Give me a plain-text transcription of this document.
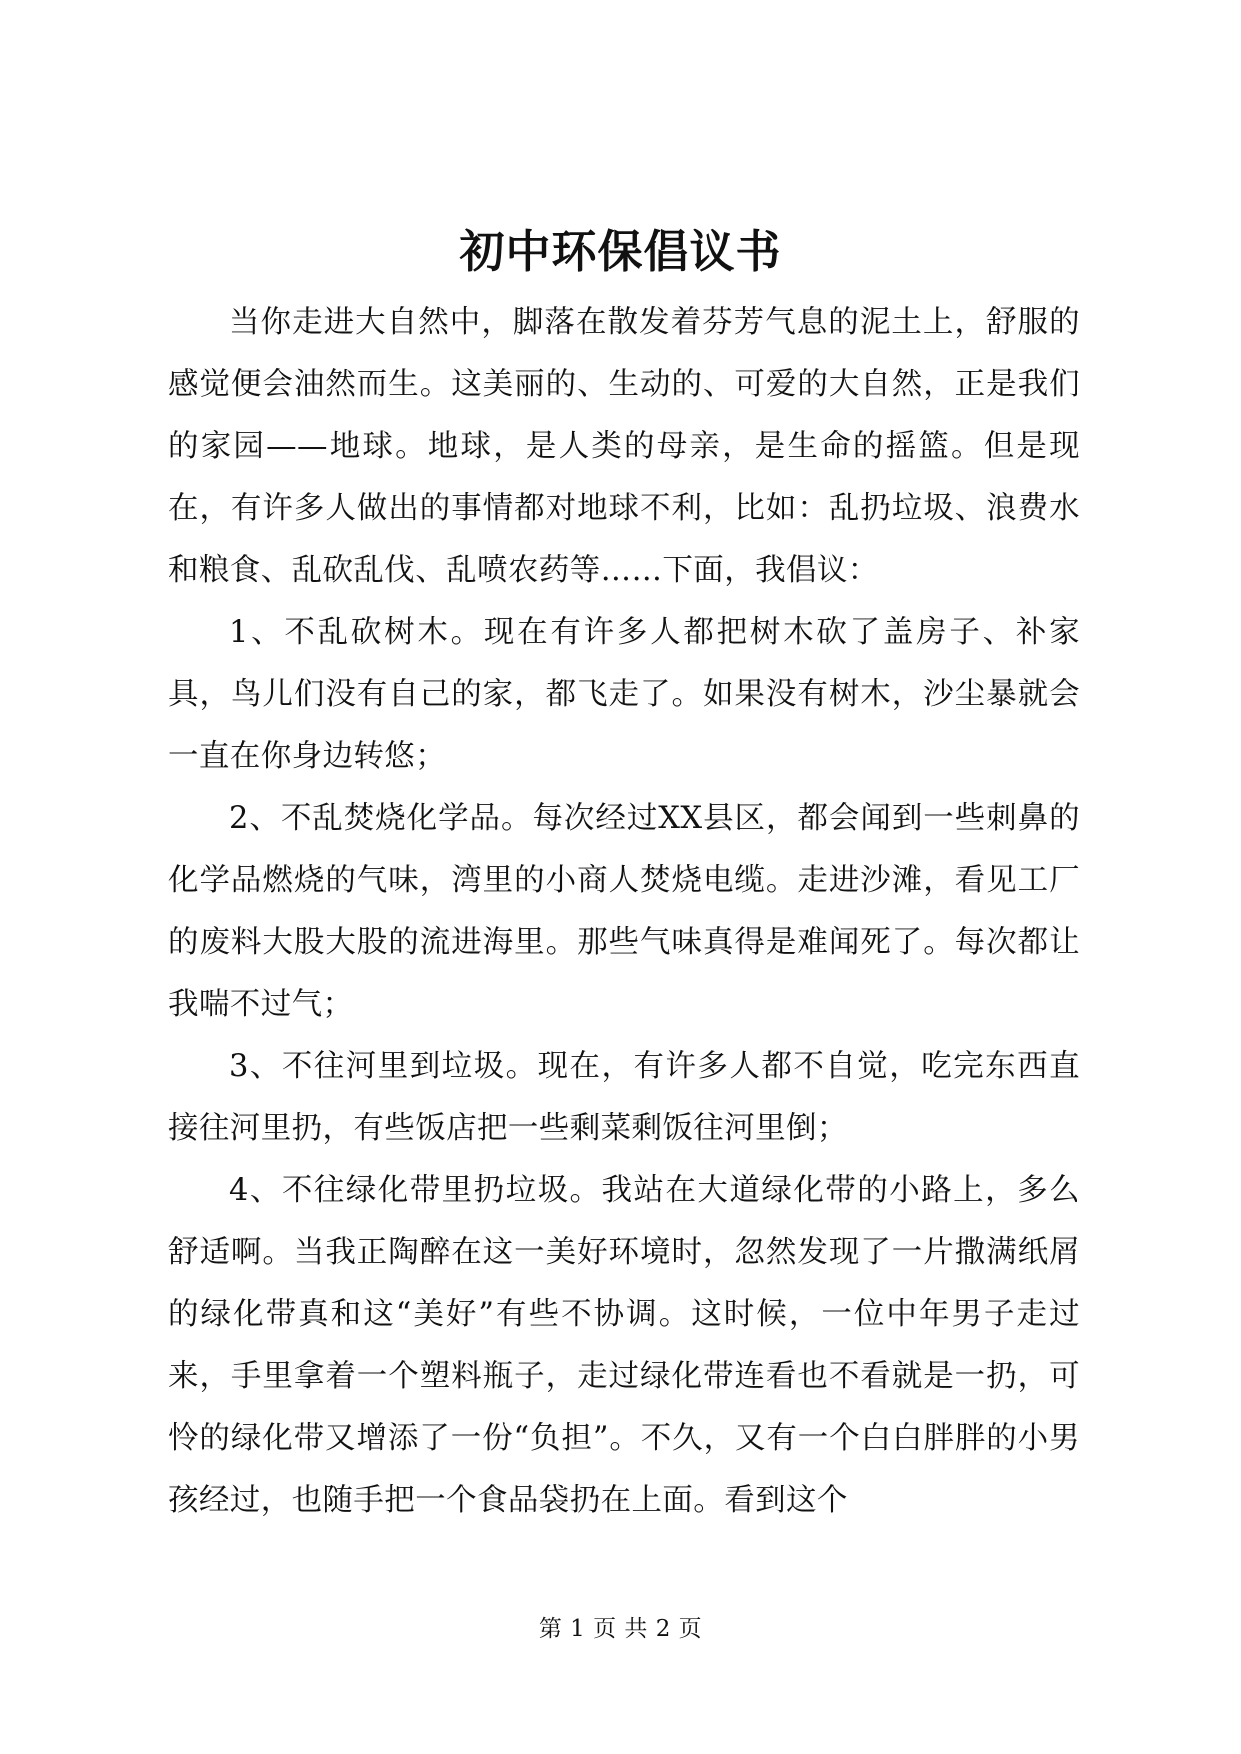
初中环保倡议书

当你走进大自然中，脚落在散发着芬芳气息的泥土上，舒服的感觉便会油然而生。这美丽的、生动的、可爱的大自然，正是我们的家园——地球。地球，是人类的母亲，是生命的摇篮。但是现在，有许多人做出的事情都对地球不利，比如：乱扔垃圾、浪费水和粮食、乱砍乱伐、乱喷农药等……下面，我倡议：

1、不乱砍树木。现在有许多人都把树木砍了盖房子、补家具，鸟儿们没有自己的家，都飞走了。如果没有树木，沙尘暴就会一直在你身边转悠；

2、不乱焚烧化学品。每次经过XX县区，都会闻到一些刺鼻的化学品燃烧的气味，湾里的小商人焚烧电缆。走进沙滩，看见工厂的废料大股大股的流进海里。那些气味真得是难闻死了。每次都让我喘不过气；

3、不往河里到垃圾。现在，有许多人都不自觉，吃完东西直接往河里扔，有些饭店把一些剩菜剩饭往河里倒；

4、不往绿化带里扔垃圾。我站在大道绿化带的小路上，多么舒适啊。当我正陶醉在这一美好环境时，忽然发现了一片撒满纸屑的绿化带真和这“美好”有些不协调。这时候，一位中年男子走过来，手里拿着一个塑料瓶子，走过绿化带连看也不看就是一扔，可怜的绿化带又增添了一份“负担”。不久，又有一个白白胖胖的小男孩经过，也随手把一个食品袋扔在上面。看到这个

第 1 页 共 2 页
